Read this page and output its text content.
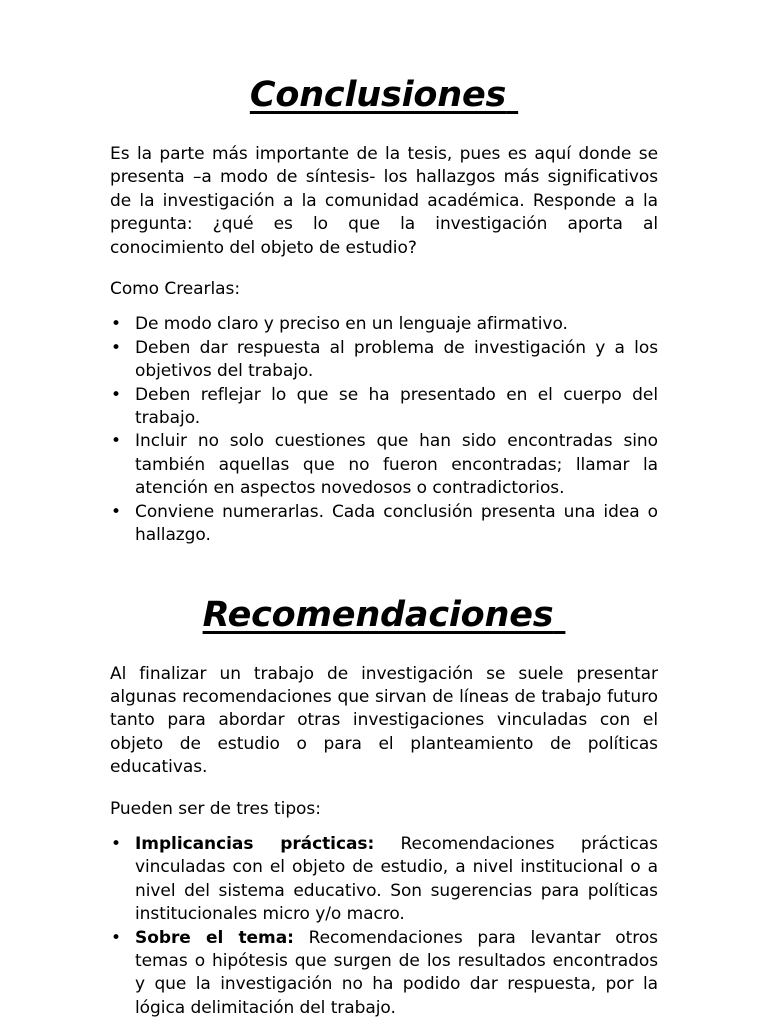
Conclusiones

Es la parte más importante de la tesis, pues es aquí donde se presenta –a modo de síntesis- los hallazgos más significativos de la investigación a la comunidad académica. Responde a la pregunta: ¿qué es lo que la investigación aporta al conocimiento del objeto de estudio?

Como Crearlas:

• De modo claro y preciso en un lenguaje afirmativo.
• Deben dar respuesta al problema de investigación y a los objetivos del trabajo.
• Deben reflejar lo que se ha presentado en el cuerpo del trabajo.
• Incluir no solo cuestiones que han sido encontradas sino también aquellas que no fueron encontradas; llamar la atención en aspectos novedosos o contradictorios.
• Conviene numerarlas. Cada conclusión presenta una idea o hallazgo.
Recomendaciones

Al finalizar un trabajo de investigación se suele presentar algunas recomendaciones que sirvan de líneas de trabajo futuro tanto para abordar otras investigaciones vinculadas con el objeto de estudio o para el planteamiento de políticas educativas.

Pueden ser de tres tipos:

• Implicancias prácticas: Recomendaciones prácticas vinculadas con el objeto de estudio, a nivel institucional o a nivel del sistema educativo. Son sugerencias para políticas institucionales micro y/o macro.
• Sobre el tema: Recomendaciones para levantar otros temas o hipótesis que surgen de los resultados encontrados y que la investigación no ha podido dar respuesta, por la lógica delimitación del trabajo.
